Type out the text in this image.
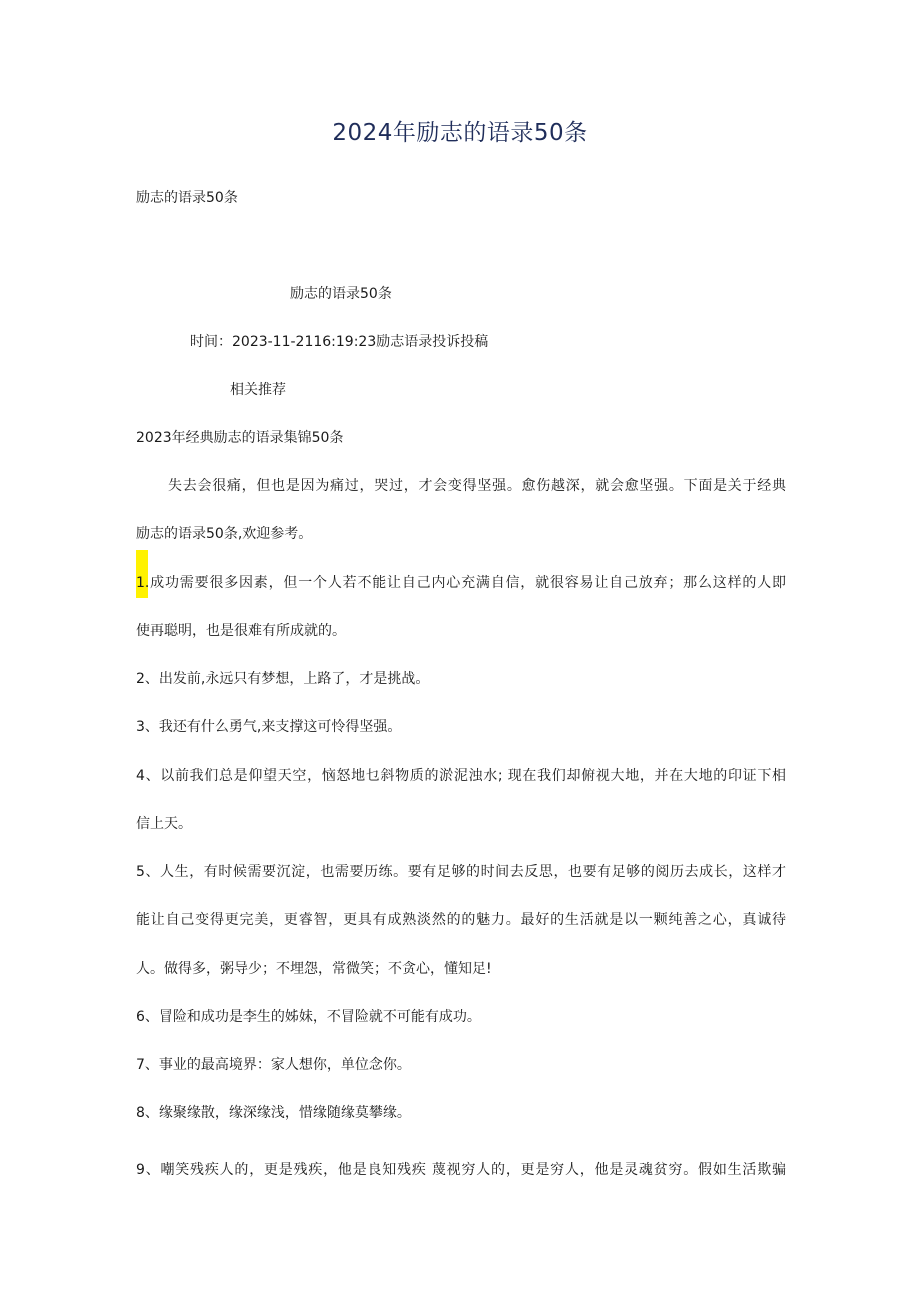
2024年励志的语录50条
励志的语录50条
励志的语录50条
时间：2023-11-2116:19:23励志语录投诉投稿
相关推荐
2023年经典励志的语录集锦50条
失去会很痛，但也是因为痛过，哭过，才会变得坚强。愈伤越深，就会愈坚强。下面是关于经典
励志的语录50条,欢迎参考。
1.成功需要很多因素，但一个人若不能让自己内心充满自信，就很容易让自己放弃；那么这样的人即
使再聪明，也是很难有所成就的。
2、出发前,永远只有梦想，上路了，才是挑战。
3、我还有什么勇气,来支撑这可怜得坚强。
4、以前我们总是仰望天空，恼怒地乜斜物质的淤泥浊水; 现在我们却俯视大地，并在大地的印证下相
信上天。
5、人生，有时候需要沉淀，也需要历练。要有足够的时间去反思，也要有足够的阅历去成长，这样才
能让自己变得更完美，更睿智，更具有成熟淡然的的魅力。最好的生活就是以一颗纯善之心，真诚待
人。做得多，粥导少；不埋怨，常微笑；不贪心，懂知足!
6、冒险和成功是李生的姊妹，不冒险就不可能有成功。
7、事业的最高境界：家人想你，单位念你。
8、缘聚缘散，缘深缘浅，惜缘随缘莫攀缘。
9、嘲笑残疾人的，更是残疾，他是良知残疾 蔑视穷人的，更是穷人，他是灵魂贫穷。假如生活欺骗
